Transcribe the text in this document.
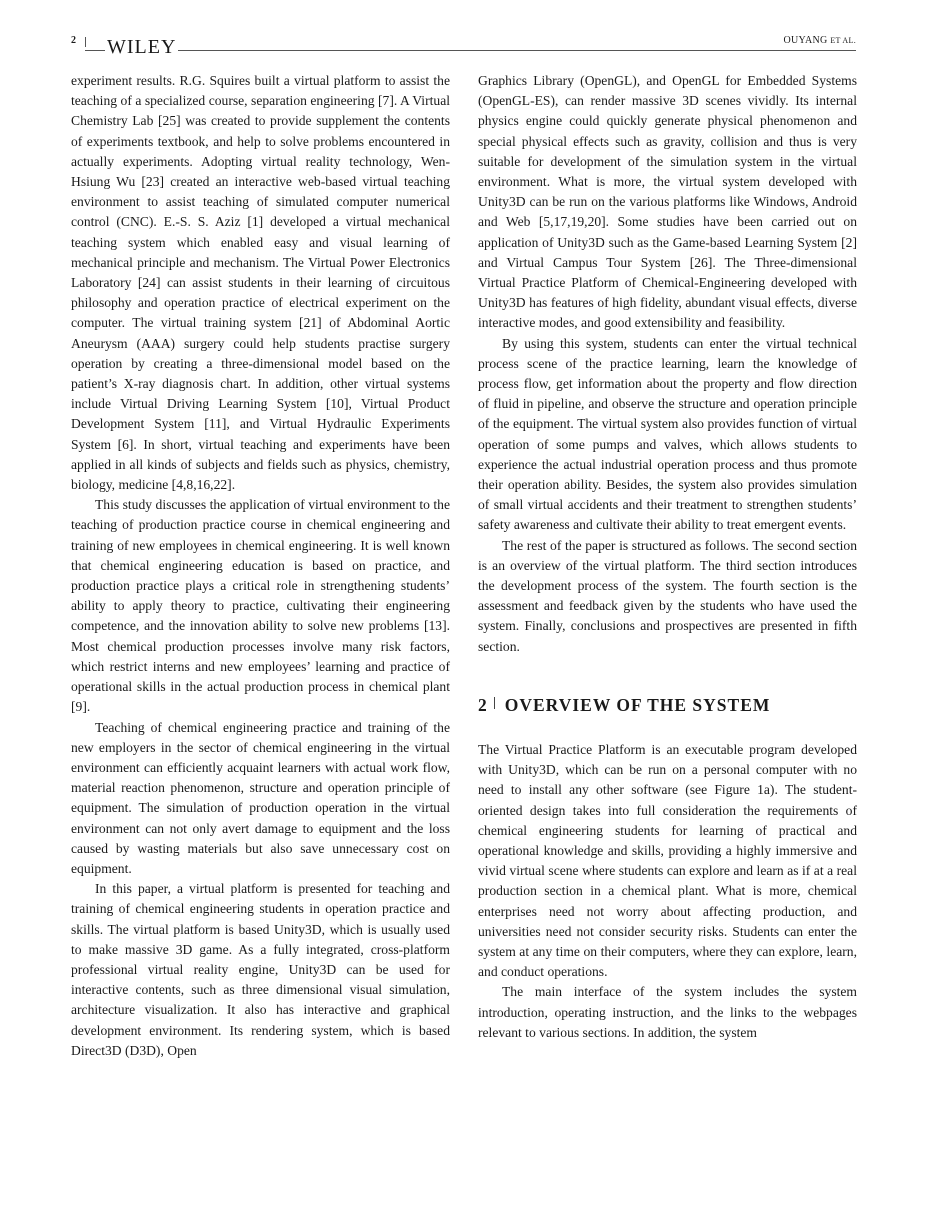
2 WILEY	OUYANG ET AL.

experiment results. R.G. Squires built a virtual platform to assist the teaching of a specialized course, separation engineering [7]. A Virtual Chemistry Lab [25] was created to provide supplement the contents of experiments textbook, and help to solve problems encountered in actually experiments. Adopting virtual reality technology, Wen-Hsiung Wu [23] created an interactive web-based virtual teaching environment to assist teaching of simulated computer numerical control (CNC). E.-S. S. Aziz [1] developed a virtual mechanical teaching system which enabled easy and visual learning of mechanical principle and mechanism. The Virtual Power Electronics Laboratory [24] can assist students in their learning of circuitous philosophy and operation practice of electrical experiment on the computer. The virtual training system [21] of Abdominal Aortic Aneurysm (AAA) surgery could help students practise surgery operation by creating a three-dimensional model based on the patient’s X-ray diagnosis chart. In addition, other virtual systems include Virtual Driving Learning System [10], Virtual Product Development System [11], and Virtual Hydraulic Experiments System [6]. In short, virtual teaching and experiments have been applied in all kinds of subjects and fields such as physics, chemistry, biology, medicine [4,8,16,22].

This study discusses the application of virtual environment to the teaching of production practice course in chemical engineering and training of new employees in chemical engineering. It is well known that chemical engineering education is based on practice, and production practice plays a critical role in strengthening students’ ability to apply theory to practice, cultivating their engineering competence, and the innovation ability to solve new problems [13]. Most chemical production processes involve many risk factors, which restrict interns and new employees’ learning and practice of operational skills in the actual production process in chemical plant [9].

Teaching of chemical engineering practice and training of the new employers in the sector of chemical engineering in the virtual environment can efficiently acquaint learners with actual work flow, material reaction phenomenon, structure and operation principle of equipment. The simulation of production operation in the virtual environment can not only avert damage to equipment and the loss caused by wasting materials but also save unnecessary cost on equipment.

In this paper, a virtual platform is presented for teaching and training of chemical engineering students in operation practice and skills. The virtual platform is based Unity3D, which is usually used to make massive 3D game. As a fully integrated, cross-platform professional virtual reality engine, Unity3D can be used for interactive contents, such as three dimensional visual simulation, architecture visualization. It also has interactive and graphical development environment. Its rendering system, which is based Direct3D (D3D), Open

Graphics Library (OpenGL), and OpenGL for Embedded Systems (OpenGL-ES), can render massive 3D scenes vividly. Its internal physics engine could quickly generate physical phenomenon and special physical effects such as gravity, collision and thus is very suitable for development of the simulation system in the virtual environment. What is more, the virtual system developed with Unity3D can be run on the various platforms like Windows, Android and Web [5,17,19,20]. Some studies have been carried out on application of Unity3D such as the Game-based Learning System [2] and Virtual Campus Tour System [26]. The Three-dimensional Virtual Practice Platform of Chemical-Engineering developed with Unity3D has features of high fidelity, abundant visual effects, diverse interactive modes, and good extensibility and feasibility.

By using this system, students can enter the virtual technical process scene of the practice learning, learn the knowledge of process flow, get information about the property and flow direction of fluid in pipeline, and observe the structure and operation principle of the equipment. The virtual system also provides function of virtual operation of some pumps and valves, which allows students to experience the actual industrial operation process and thus promote their operation ability. Besides, the system also provides simulation of small virtual accidents and their treatment to strengthen students’ safety awareness and cultivate their ability to treat emergent events.

The rest of the paper is structured as follows. The second section is an overview of the virtual platform. The third section introduces the development process of the system. The fourth section is the assessment and feedback given by the students who have used the system. Finally, conclusions and prospectives are presented in fifth section.

2 OVERVIEW OF THE SYSTEM

The Virtual Practice Platform is an executable program developed with Unity3D, which can be run on a personal computer with no need to install any other software (see Figure 1a). The student-oriented design takes into full consideration the requirements of chemical engineering students for learning of practical and operational knowledge and skills, providing a highly immersive and vivid virtual scene where students can explore and learn as if at a real production section in a chemical plant. What is more, chemical enterprises need not worry about affecting production, and universities need not consider security risks. Students can enter the system at any time on their computers, where they can explore, learn, and conduct operations.

The main interface of the system includes the system introduction, operating instruction, and the links to the webpages relevant to various sections. In addition, the system
